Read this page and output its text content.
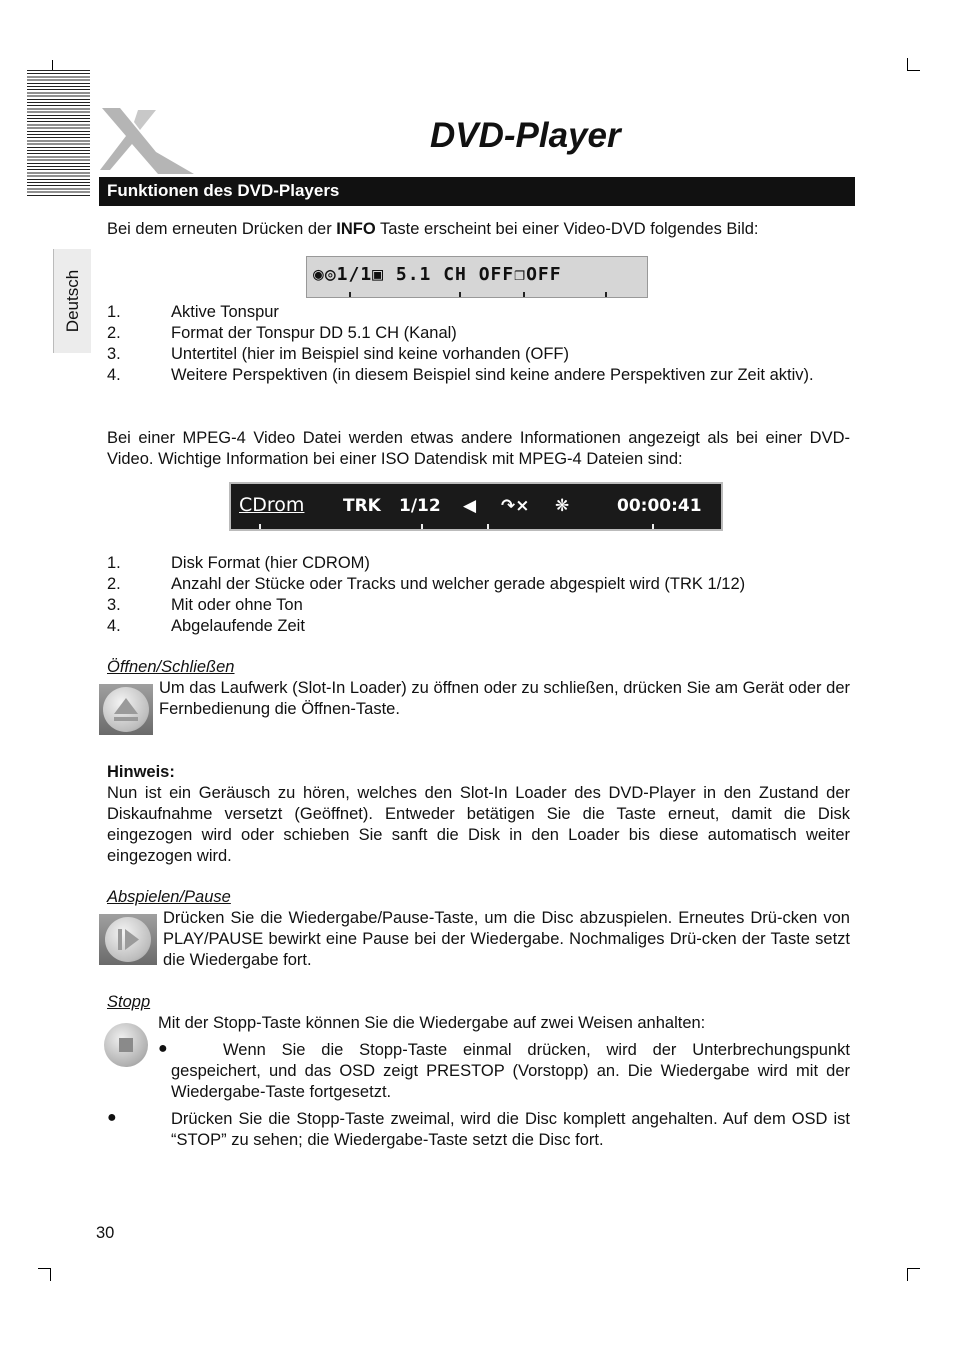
DVD-Player
Funktionen des DVD-Players
Deutsch
Bei dem erneuten Drücken der INFO Taste erscheint bei einer Video-DVD folgendes Bild:
◉◎1/1▣ 5.1 CH OFF❐OFF
1.	Aktive Tonspur
2.	Format der Tonspur DD 5.1 CH (Kanal)
3.	Untertitel (hier im Beispiel sind keine vorhanden (OFF)
4.	Weitere Perspektiven (in diesem Beispiel sind keine andere Perspektiven zur Zeit aktiv).
Bei einer MPEG-4 Video Datei werden etwas andere Informationen angezeigt als bei einer DVD-Video. Wichtige Information bei einer ISO Datendisk mit MPEG-4 Dateien sind:
CDrom TRK 1/12 ◀ ↷× ❋	00:00:41
1.	Disk Format (hier CDROM)
2.	Anzahl der Stücke oder Tracks und welcher gerade abgespielt wird (TRK 1/12)
3.	Mit oder ohne Ton
4.	Abgelaufende Zeit
Öffnen/Schließen
Um das Laufwerk (Slot-In Loader) zu öffnen oder zu schließen, drücken Sie am Gerät oder der Fernbedienung die Öffnen-Taste.
Hinweis:
Nun ist ein Geräusch zu hören, welches den Slot-In Loader des DVD-Player in den Zustand der Diskaufnahme versetzt (Geöffnet). Entweder betätigen Sie die Taste erneut, damit die Disk eingezogen wird oder schieben Sie sanft die Disk in den Loader bis diese automatisch weiter eingezogen wird.
Abspielen/Pause
Drücken Sie die Wiedergabe/Pause-Taste, um die Disc abzuspielen. Erneutes Drü-cken von PLAY/PAUSE bewirkt eine Pause bei der Wiedergabe. Nochmaliges Drü-cken der Taste setzt die Wiedergabe fort.
Stopp
Mit der Stopp-Taste können Sie die Wiedergabe auf zwei Weisen anhalten:
●	Wenn Sie die Stopp-Taste einmal drücken, wird der Unterbrechungspunkt gespeichert, und das OSD zeigt PRESTOP (Vorstopp) an. Die Wiedergabe wird mit der Wiedergabe-Taste fortgesetzt.
●	Drücken Sie die Stopp-Taste zweimal, wird die Disc komplett angehalten. Auf dem OSD ist “STOP” zu sehen; die Wiedergabe-Taste setzt die Disc fort.
30
